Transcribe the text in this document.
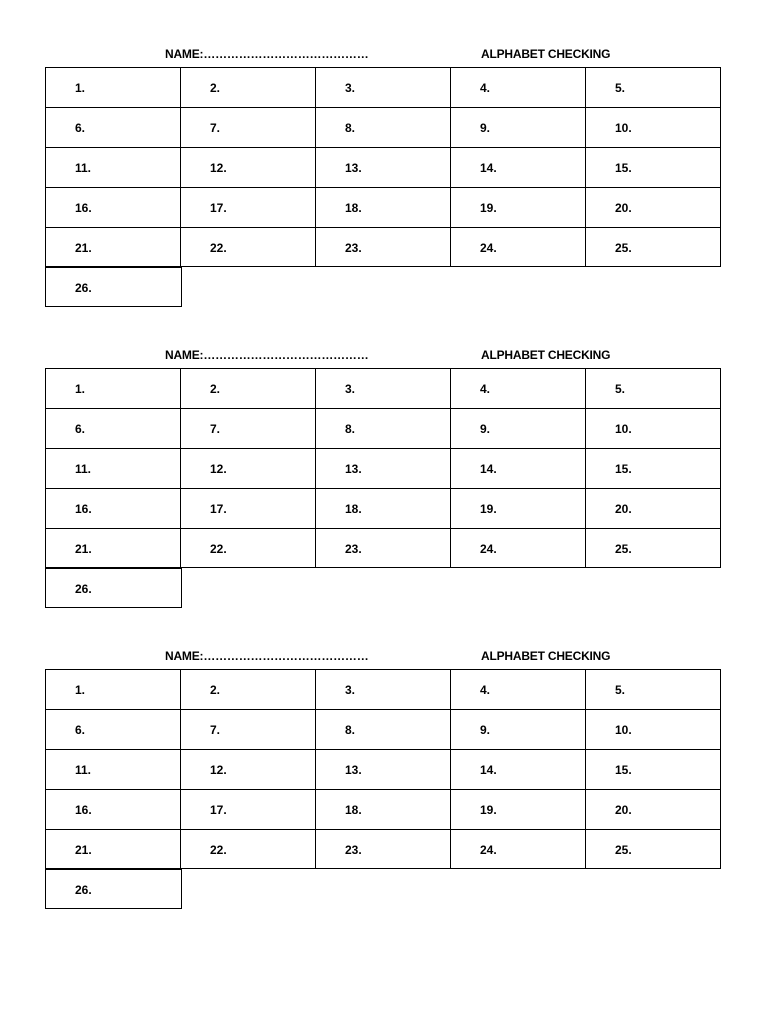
NAME:……………………………………	ALPHABET CHECKING
1.	2.	3.	4.	5.
6.	7.	8.	9.	10.
11.	12.	13.	14.	15.
16.	17.	18.	19.	20.
21.	22.	23.	24.	25.
26.
NAME:……………………………………	ALPHABET CHECKING
1.	2.	3.	4.	5.
6.	7.	8.	9.	10.
11.	12.	13.	14.	15.
16.	17.	18.	19.	20.
21.	22.	23.	24.	25.
26.
NAME:……………………………………	ALPHABET CHECKING
1.	2.	3.	4.	5.
6.	7.	8.	9.	10.
11.	12.	13.	14.	15.
16.	17.	18.	19.	20.
21.	22.	23.	24.	25.
26.
